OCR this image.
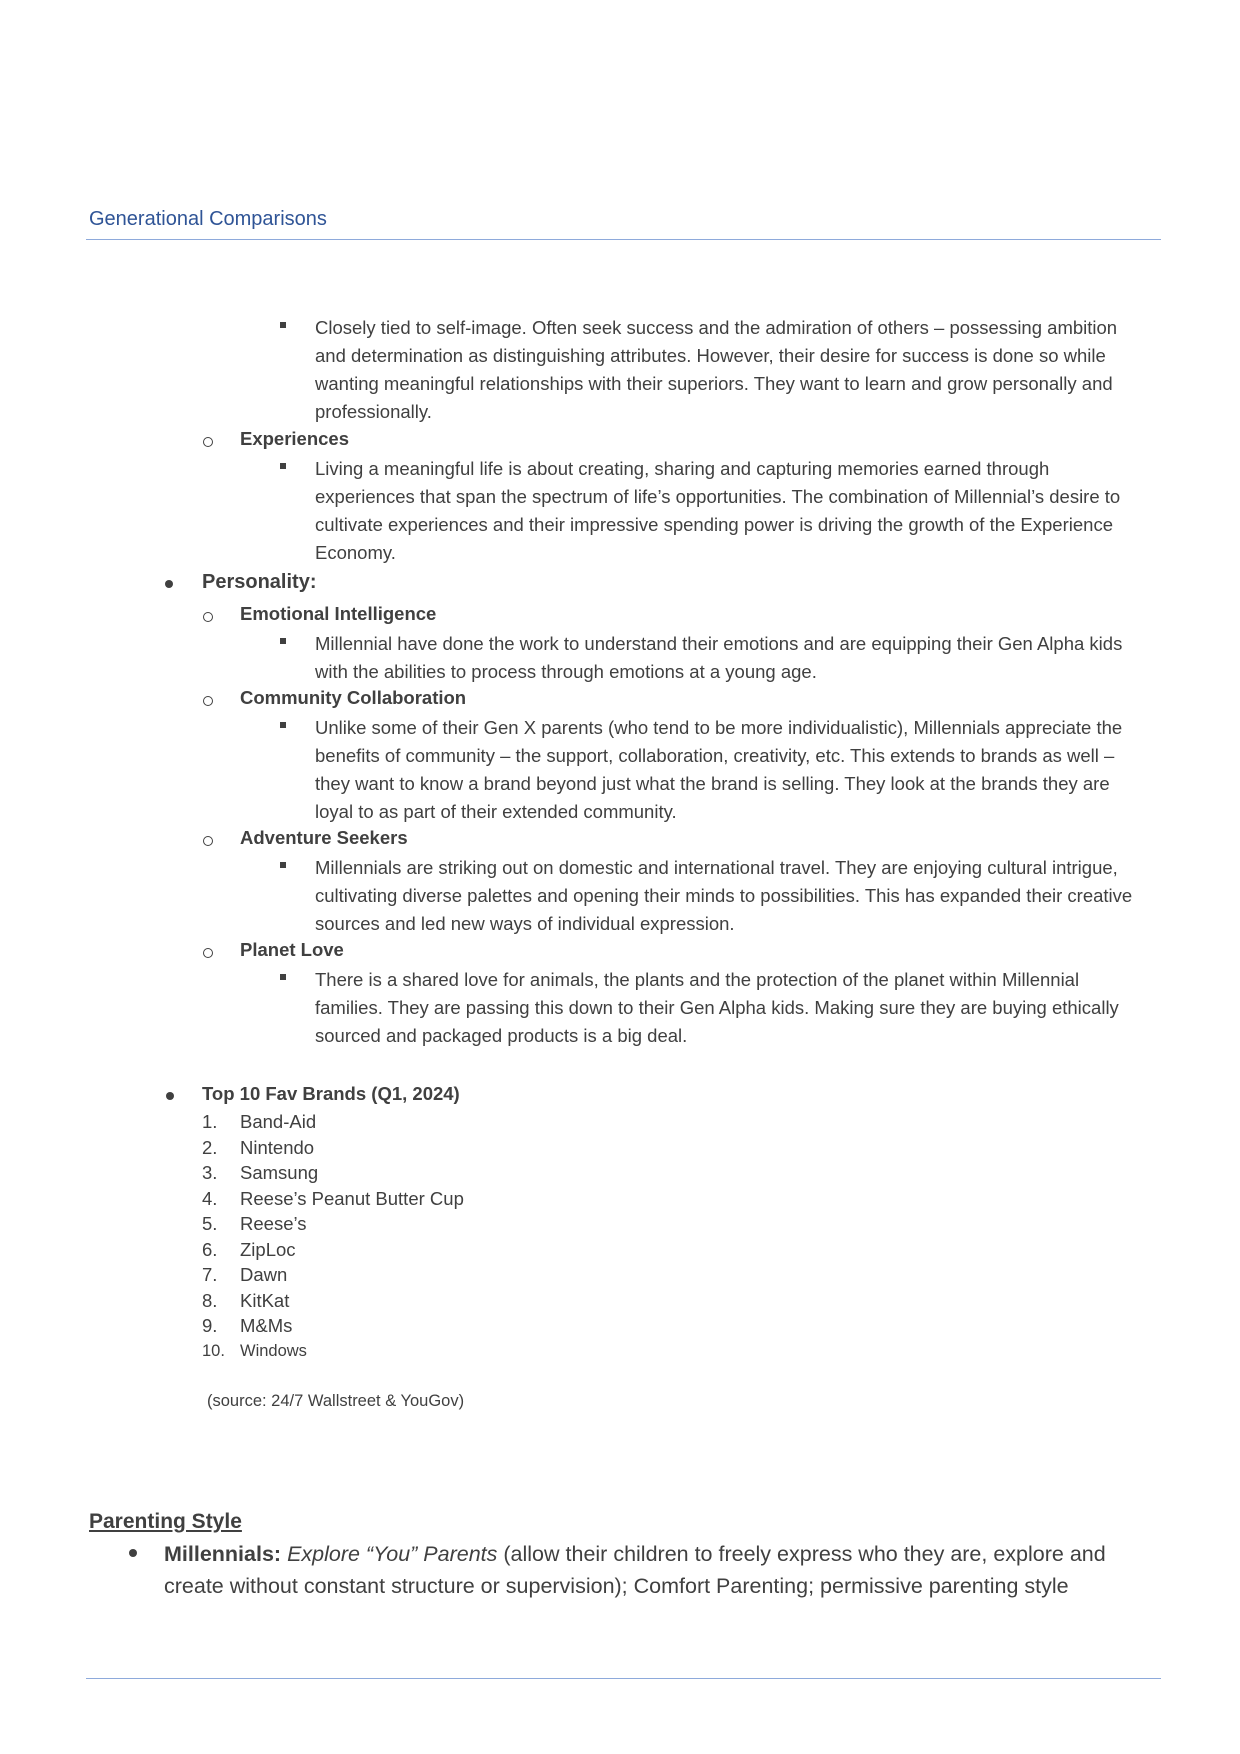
Generational Comparisons
Closely tied to self-image. Often seek success and the admiration of others – possessing ambition and determination as distinguishing attributes. However, their desire for success is done so while wanting meaningful relationships with their superiors. They want to learn and grow personally and professionally.
Experiences
Living a meaningful life is about creating, sharing and capturing memories earned through experiences that span the spectrum of life’s opportunities. The combination of Millennial’s desire to cultivate experiences and their impressive spending power is driving the growth of the Experience Economy.
Personality:
Emotional Intelligence
Millennial have done the work to understand their emotions and are equipping their Gen Alpha kids with the abilities to process through emotions at a young age.
Community Collaboration
Unlike some of their Gen X parents (who tend to be more individualistic), Millennials appreciate the benefits of community – the support, collaboration, creativity, etc. This extends to brands as well – they want to know a brand beyond just what the brand is selling. They look at the brands they are loyal to as part of their extended community.
Adventure Seekers
Millennials are striking out on domestic and international travel. They are enjoying cultural intrigue, cultivating diverse palettes and opening their minds to possibilities. This has expanded their creative sources and led new ways of individual expression.
Planet Love
There is a shared love for animals, the plants and the protection of the planet within Millennial families. They are passing this down to their Gen Alpha kids. Making sure they are buying ethically sourced and packaged products is a big deal.
Top 10 Fav Brands (Q1, 2024)
1. Band-Aid
2. Nintendo
3. Samsung
4. Reese’s Peanut Butter Cup
5. Reese’s
6. ZipLoc
7. Dawn
8. KitKat
9. M&Ms
10. Windows
(source: 24/7 Wallstreet & YouGov)
Parenting Style
Millennials: Explore “You” Parents (allow their children to freely express who they are, explore and create without constant structure or supervision); Comfort Parenting; permissive parenting style
